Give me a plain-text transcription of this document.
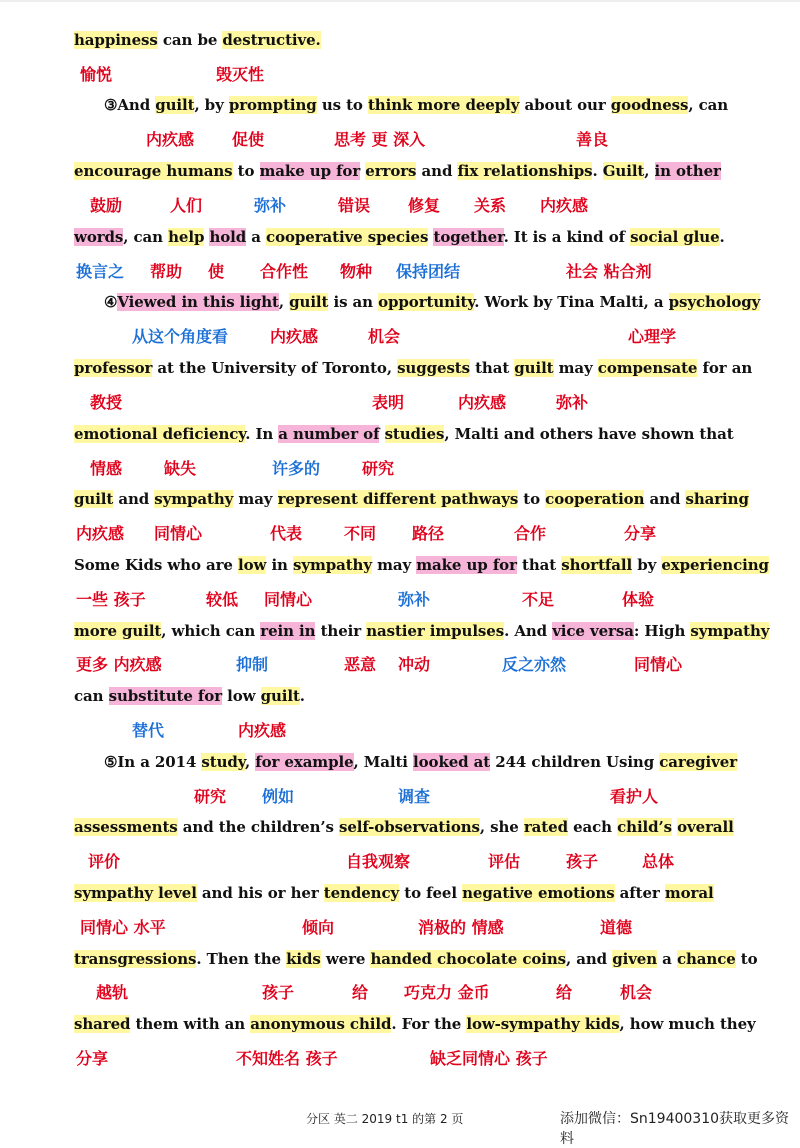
happiness can be destructive.
③And guilt, by prompting us to think more deeply about our goodness, can
encourage humans to make up for errors and fix relationships. Guilt, in other
words, can help hold a cooperative species together. It is a kind of social glue.
④Viewed in this light, guilt is an opportunity. Work by Tina Malti, a psychology
professor at the University of Toronto, suggests that guilt may compensate for an
emotional deficiency. In a number of studies, Malti and others have shown that
guilt and sympathy may represent different pathways to cooperation and sharing
Some Kids who are low in sympathy may make up for that shortfall by experiencing
more guilt, which can rein in their nastier impulses. And vice versa: High sympathy
can substitute for low guilt.
⑤In a 2014 study, for example, Malti looked at 244 children Using caregiver
assessments and the children’s self-observations, she rated each child’s overall
sympathy level and his or her tendency to feel negative emotions after moral
transgressions. Then the kids were handed chocolate coins, and given a chance to
shared them with an anonymous child. For the low-sympathy kids, how much they
愉悦	毁灭性
内疚感 促使	思考 更 深入	善良
鼓励	人们	弥补	错误 修复 关系 内疚感
换言之 帮助 使 合作性 物种 保持团结	社会 粘合剂
从这个角度看	内疚感	机会	心理学
教授	表明	内疚感	弥补
情感	缺失	许多的	研究
内疚感 同情心	代表	不同 路径	合作	分享
一些 孩子	较低 同情心	弥补	不足	体验
更多 内疚感	抑制	恶意 冲动	反之亦然	同情心
替代	内疚感
研究 例如	调查	看护人
评价	自我观察	评估	孩子	总体
同情心 水平	倾向	消极的 情感	道德
越轨	孩子	给 巧克力 金币	给	机会
分享	不知姓名 孩子	缺乏同情心 孩子
分区 英二 2019 t1 的第 2 页	添加微信：Sn19400310获取更多资料
